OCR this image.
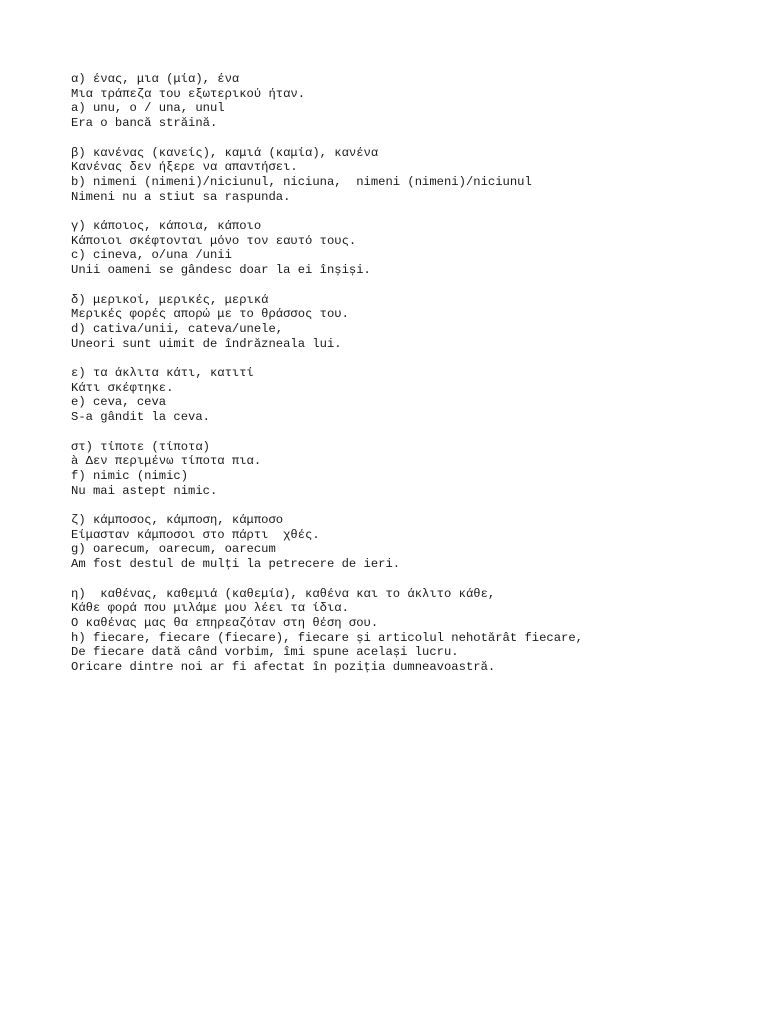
α) ένας, μια (μία), ένα
Μια τράπεζα του εξωτερικού ήταν.
a) unu, o / una, unul
Era o bancă străină.
β) κανένας (κανείς), καμιά (καμία), κανένα
Κανένας δεν ήξερε να απαντήσει.
b) nimeni (nimeni)/niciunul, niciuna,  nimeni (nimeni)/niciunul
Nimeni nu a stiut sa raspunda.
γ) κάποιος, κάποια, κάποιο
Κάποιοι σκέφτονται μόνο τον εαυτό τους.
c) cineva, o/una /unii
Unii oameni se gândesc doar la ei înșiși.
δ) μερικοί, μερικές, μερικά
Μερικές φορές απορώ με το θράσσος του.
d) cativa/unii, cateva/unele,
Uneori sunt uimit de îndrăzneala lui.
ε) τα άκλιτα κάτι, κατιτί
Κάτι σκέφτηκε.
e) ceva, ceva
S-a gândit la ceva.
στ) τίποτε (τίποτα)
à Δεν περιμένω τίποτα πια.
f) nimic (nimic)
Nu mai astept nimic.
ζ) κάμποσος, κάμποση, κάμποσο
Είμασταν κάμποσοι στο πάρτι  χθές.
g) oarecum, oarecum, oarecum
Am fost destul de mulți la petrecere de ieri.
η)  καθένας, καθεμιά (καθεμία), καθένα και το άκλιτο κάθε,
Κάθε φορά που μιλάμε μου λέει τα ίδια.
Ο καθένας μας θα επηρεαζόταν στη θέση σου.
h) fiecare, fiecare (fiecare), fiecare și articolul nehotărât fiecare,
De fiecare dată când vorbim, îmi spune același lucru.
Oricare dintre noi ar fi afectat în poziția dumneavoastră.
